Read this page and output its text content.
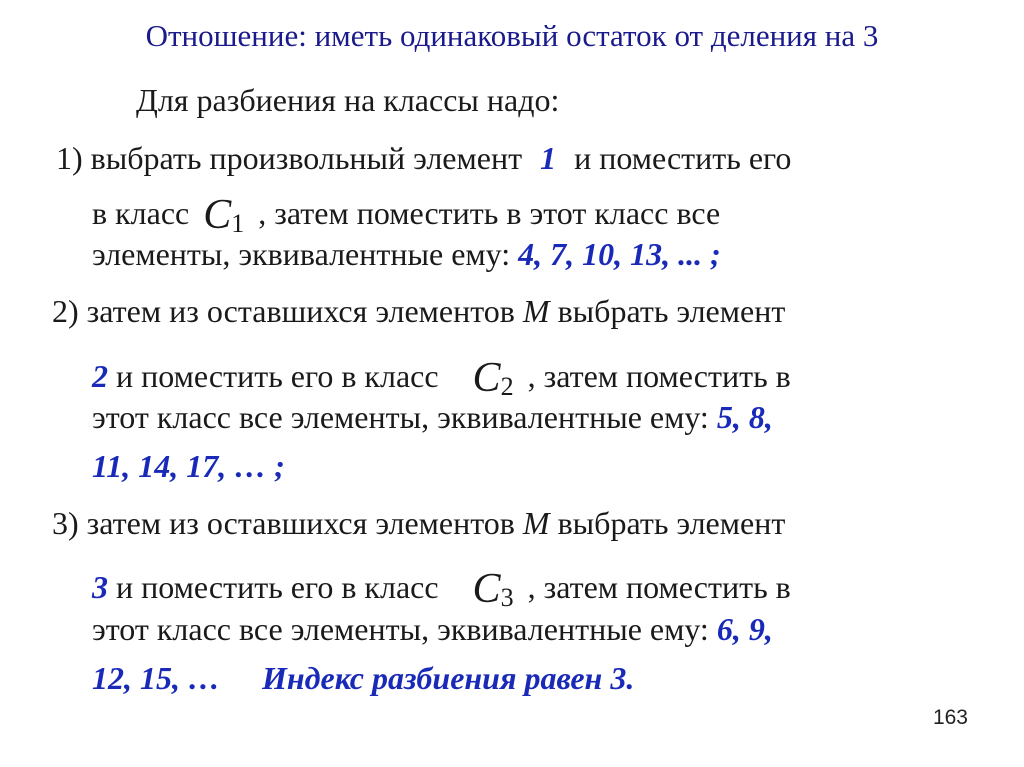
Отношение: иметь одинаковый остаток от деления на 3
Для разбиения на классы надо:
1) выбрать произвольный элемент 1 и поместить его
в класс $C_1$ , затем поместить в этот класс все
элементы, эквивалентные ему: 4, 7, 10, 13, ... ;
2) затем из оставшихся элементов М выбрать элемент
2 и поместить его в класс $C_2$ , затем поместить в
этот класс все элементы, эквивалентные ему: 5, 8,
11, 14, 17, … ;
3) затем из оставшихся элементов М выбрать элемент
3 и поместить его в класс $C_3$ , затем поместить в
этот класс все элементы, эквивалентные ему: 6, 9,
12, 15, … Индекс разбиения равен 3.
163
